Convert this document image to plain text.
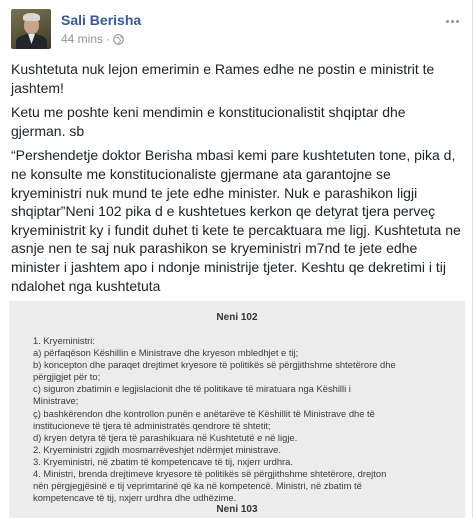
Sali Berisha
44 mins ·

Kushtetuta nuk lejon emerimin e Rames edhe ne postin e ministrit te jashtem!

Ketu me poshte keni mendimin e konstitucionalistit shqiptar dhe gjerman. sb

“Pershendetje doktor Berisha mbasi kemi pare kushtetuten tone, pika d, ne konsulte me konstitucionaliste gjermane ata garantojne se kryeministri nuk mund te jete edhe minister. Nuk e parashikon ligji shqiptar”Neni 102 pika d e kushtetues kerkon qe detyrat tjera perveç kryeministrit ky i fundit duhet ti kete te percaktuara me ligj. Kushtetuta ne asnje nen te saj nuk parashikon se kryeministri m7nd te jete edhe minister i jashtem apo i ndonje ministrije tjeter. Keshtu qe dekretimi i tij ndalohet nga kushtetuta

Neni 102
1. Kryeministri:
a) përfaqëson Këshillin e Ministrave dhe kryeson mbledhjet e tij;
b) koncepton dhe paraqet drejtimet kryesore të politikës së përgjithshme shtetërore dhe
përgjigjet për to;
c) siguron zbatimin e legjislacionit dhe të politikave të miratuara nga Këshilli i
Ministrave;
ç) bashkërendon dhe kontrollon punën e anëtarëve të Këshillit të Ministrave dhe të
institucioneve të tjera të administratës qendrore të shtetit;
d) kryen detyra të tjera të parashikuara në Kushtetutë e në ligje.
2. Kryeministri zgjidh mosmarrëveshjet ndërmjet ministrave.
3. Kryeministri, në zbatim të kompetencave të tij, nxjerr urdhra.
4. Ministri, brenda drejtimeve kryesore të politikës së përgjithshme shtetërore, drejton
nën përgjegjësinë e tij veprimtarinë që ka në kompetencë. Ministri, në zbatim të
kompetencave të tij, nxjerr urdhra dhe udhëzime.
Neni 103
